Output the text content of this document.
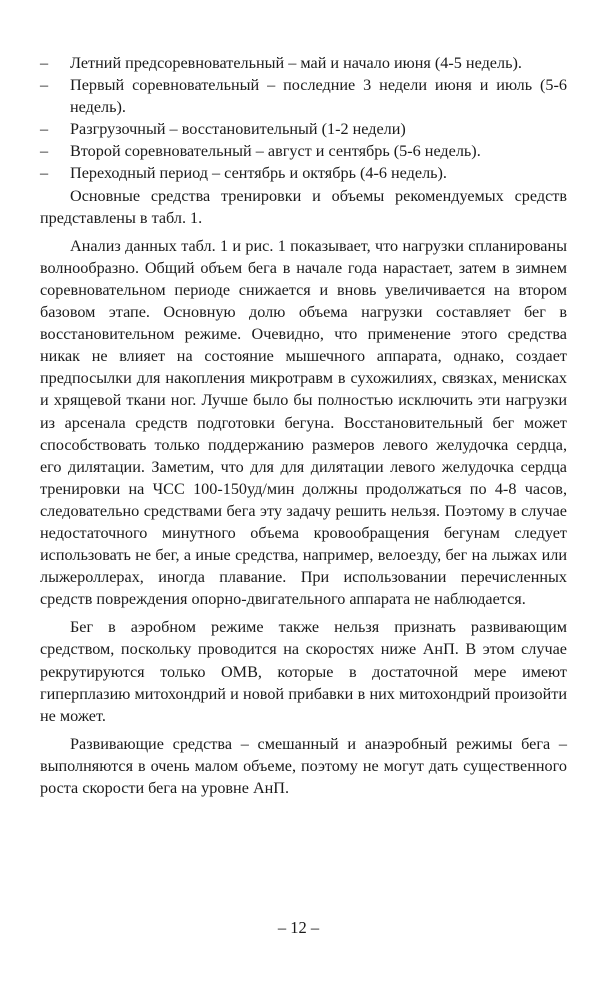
– Летний предсоревновательный – май и начало июня (4-5 недель).
– Первый соревновательный – последние 3 недели июня и июль (5-6 недель).
– Разгрузочный – восстановительный (1-2 недели)
– Второй соревновательный – август и сентябрь (5-6 недель).
– Переходный период – сентябрь и октябрь (4-6 недель).

Основные средства тренировки и объемы рекомендуемых средств представлены в табл. 1.

Анализ данных табл. 1 и рис. 1 показывает, что нагрузки спланированы волнообразно. Общий объем бега в начале года нарастает, затем в зимнем соревновательном периоде снижается и вновь увеличивается на втором базовом этапе. Основную долю объема нагрузки составляет бег в восстановительном режиме. Очевидно, что применение этого средства никак не влияет на состояние мышечного аппарата, однако, создает предпосылки для накопления микротравм в сухожилиях, связках, менисках и хрящевой ткани ног. Лучше было бы полностью исключить эти нагрузки из арсенала средств подготовки бегуна. Восстановительный бег может способствовать только поддержанию размеров левого желудочка сердца, его дилятации. Заметим, что для для дилятации левого желудочка сердца тренировки на ЧСС 100-150уд/мин должны продолжаться по 4-8 часов, следовательно средствами бега эту задачу решить нельзя. Поэтому в случае недостаточного минутного объема кровообращения бегунам следует использовать не бег, а иные средства, например, велоезду, бег на лыжах или лыжероллерах, иногда плавание. При использовании перечисленных средств повреждения опорно-двигательного аппарата не наблюдается.

Бег в аэробном режиме также нельзя признать развивающим средством, поскольку проводится на скоростях ниже АнП. В этом случае рекрутируются только ОМВ, которые в достаточной мере имеют гиперплазию митохондрий и новой прибавки в них митохондрий произойти не может.

Развивающие средства – смешанный и анаэробный режимы бега – выполняются в очень малом объеме, поэтому не могут дать существенного роста скорости бега на уровне АнП.

– 12 –
